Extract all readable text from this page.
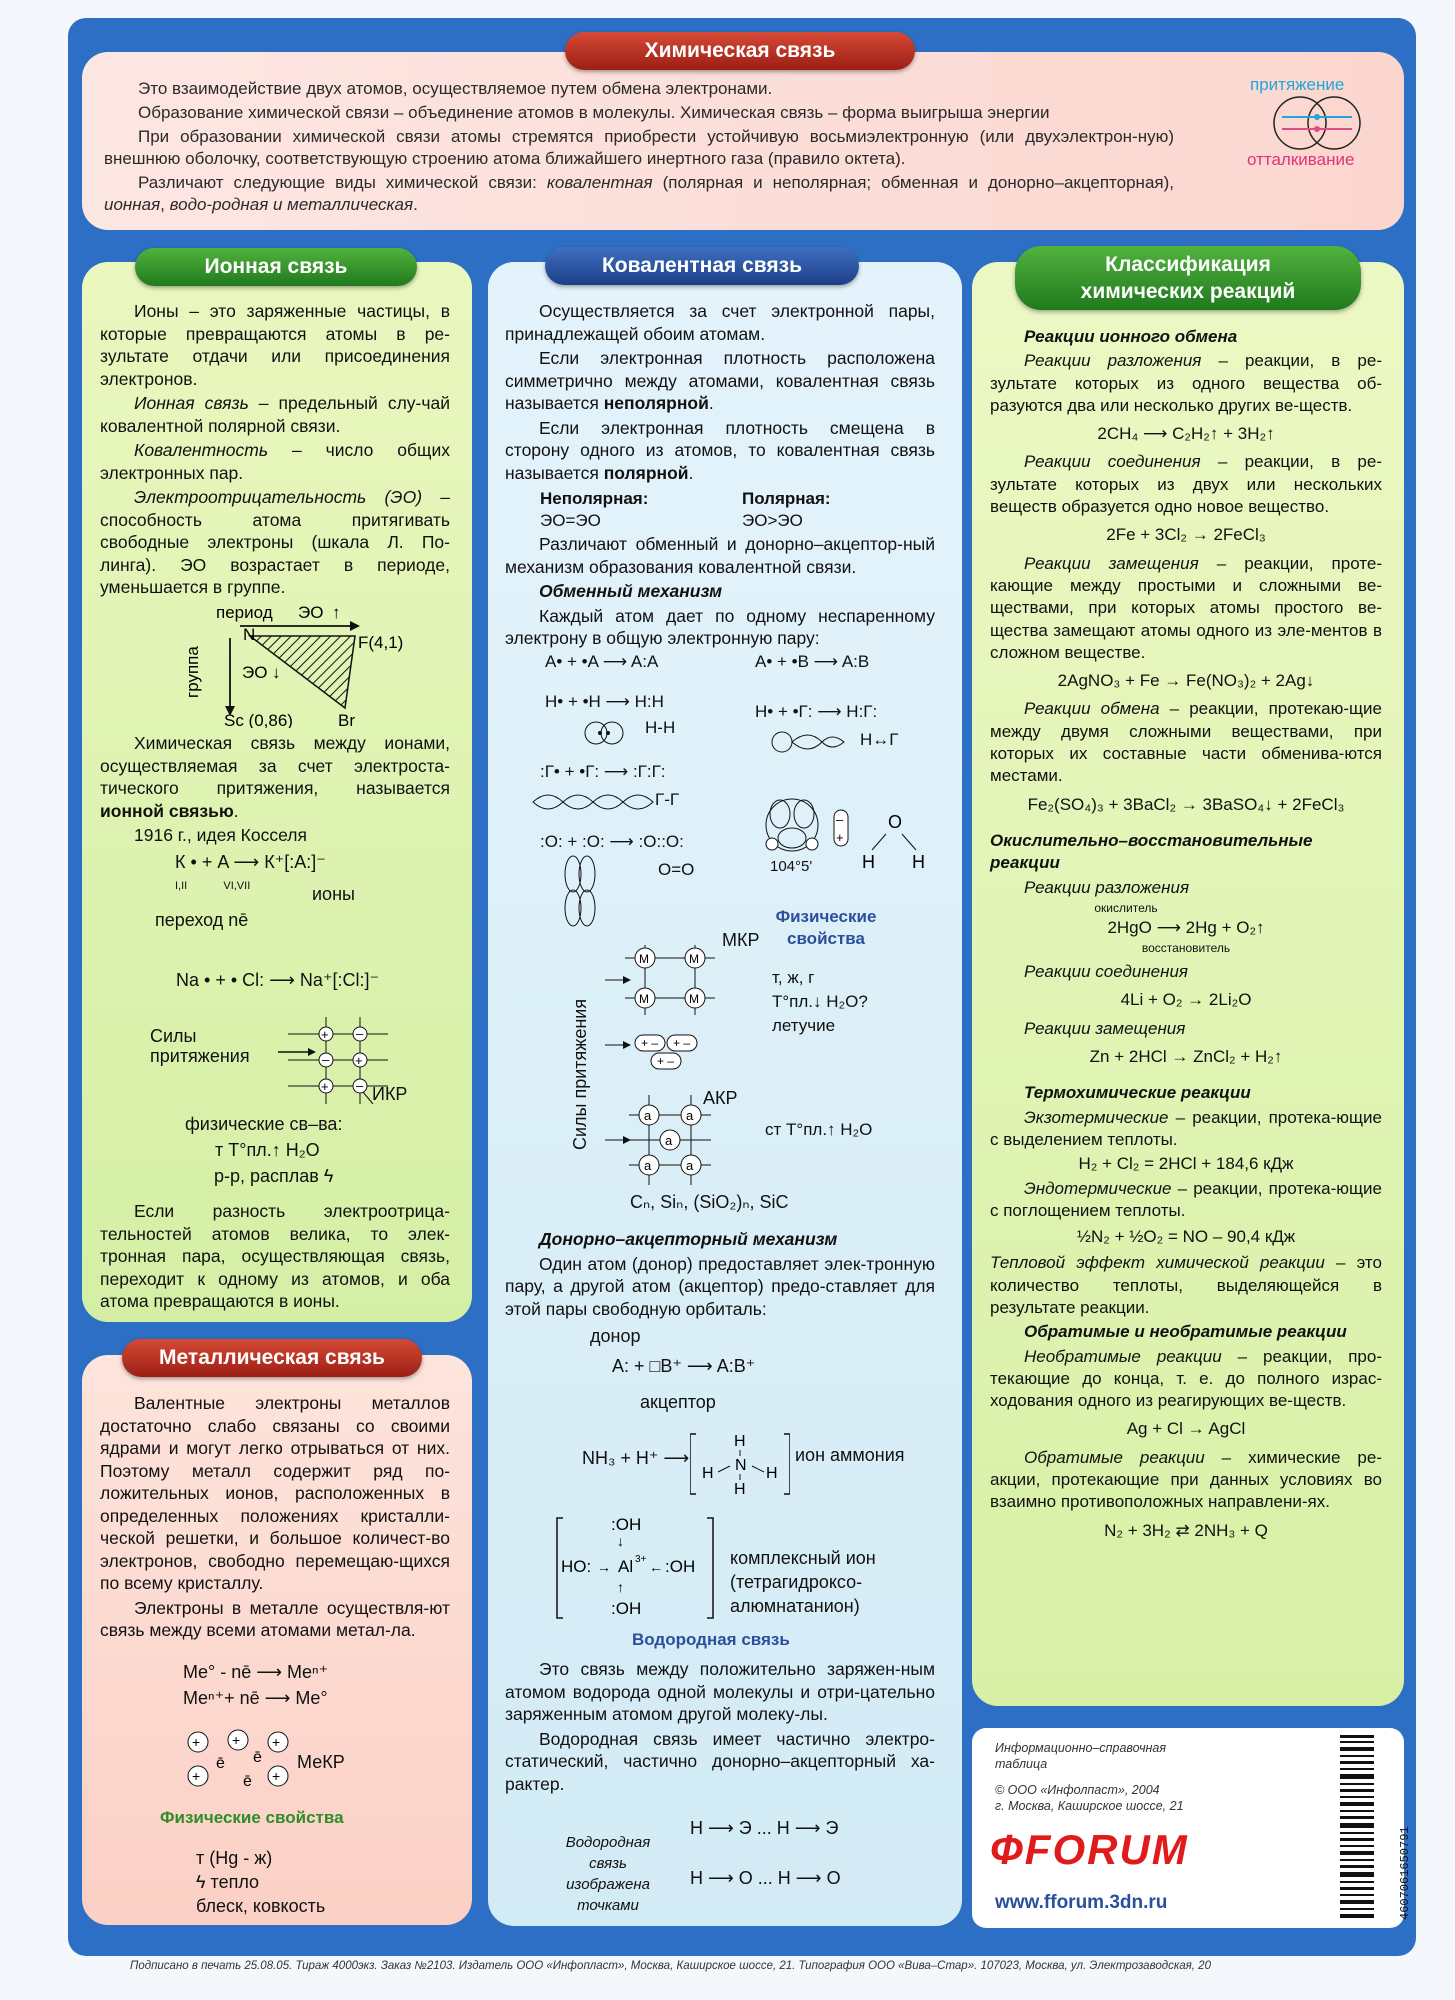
Химическая связь

Это взаимодействие двух атомов, осуществляемое путем обмена электронами.

Образование химической связи – объединение атомов в молекулы. Химическая связь – форма выигрыша энергии

При образовании химической связи атомы стремятся приобрести устойчивую восьмиэлектронную (или двухэлектрон-ную) внешнюю оболочку, соответствующую строению атома ближайшего инертного газа (правило октета).

Различают следующие виды химической связи: ковалентная (полярная и неполярная; обменная и донорно–акцепторная), ионная, водо-родная и металлическая.

притяжение
отталкивание
Ионная связь

Ионы – это заряженные частицы, в которые превращаются атомы в ре-зультате отдачи или присоединения электронов.

Ионная связь – предельный слу-чай ковалентной полярной связи.

Ковалентность – число общих электронных пар.

Электроотрицательность (ЭО) – способность атома притягивать свободные электроны (шкала Л. По-линга). ЭО возрастает в периоде, уменьшается в группе.

период ЭО ↑
N	F(4,1)
группа ЭО ↓
Sc (0,86)	Br

Химическая связь между ионами, осуществляемая за счет электроста-тического притяжения, называется ионной связью.

1916 г., идея Косселя

К • + A ⟶ К⁺[:A:]⁻
I,II	VI,VII	ионы
переход nē
Na • + • Cl: ⟶ Na⁺[:Cl:]⁻
Силы притяжения
+ –
– +
+ – ИКР
физические св–ва:
т Т°пл.↑ H₂O
р-р, расплав ϟ

Если разность электроотрица-тельностей атомов велика, то элек-тронная пара, осуществляющая связь, переходит к одному из атомов, и оба атома превращаются в ионы.

Металлическая связь

Валентные электроны металлов достаточно слабо связаны со своими ядрами и могут легко отрываться от них. Поэтому металл содержит ряд по-ложительных ионов, расположенных в определенных положениях кристалли-ческой решетки, и большое количест-во электронов, свободно перемещаю-щихся по всему кристаллу.

Электроны в металле осуществля-ют связь между всеми атомами метал-ла.

Me° - nē ⟶ Meⁿ⁺
Meⁿ⁺+ nē ⟶ Me°
+ + +
+	+
ē ē
ē
МеКР
Физические свойства
т (Hg - ж)
ϟ тепло
блеск, ковкость
Ковалентная связь

Осуществляется за счет электронной пары, принадлежащей обоим атомам.

Если электронная плотность расположена симметрично между атомами, ковалентная связь называется неполярной.

Если электронная плотность смещена в сторону одного из атомов, то ковалентная связь называется полярной.

Неполярная:
ЭО=ЭО
Полярная:
ЭО>ЭО

Различают обменный и донорно–акцептор-ный механизм образования ковалентной связи.

Обменный механизм

Каждый атом дает по одному неспаренному электрону в общую электронную пару:

A• + •A ⟶ A:A	A• + •B ⟶ A:B
H• + •H ⟶ H:H
H-H
H• + •Г: ⟶ H:Г:
H↔Г
:Г• + •Г: ⟶ :Г:Г:
Г-Г
:O: + :O: ⟶ :O::O:
O=O
–
+
O
H H
104°5'
Силы притяжения
M	M
M	M
+ – + –
+ –
МКР
Физические свойства
т, ж, г
Т°пл.↓ H₂O?
летучие
a	a
a
a	a
АКР
ст Т°пл.↑ H₂O
Cₙ, Siₙ, (SiO₂)ₙ, SiC

Донорно–акцепторный механизм

Один атом (донор) предоставляет элек-тронную пару, а другой атом (акцептор) предо-ставляет для этой пары свободную орбиталь:

донор
A: + □B⁺ ⟶ A:B⁺
акцептор
NH₃ + H⁺ ⟶
H
N
H
H	H
ион аммония
:OH
↓
HO: → Al 3+ ← :OH
↑
:OH
комплексный ион (тетрагидроксо-алюмнатанион)
Водородная связь

Это связь между положительно заряжен-ным атомом водорода одной молекулы и отри-цательно заряженным атомом другой молеку-лы.

Водородная связь имеет частично электро-статический, частично донорно–акцепторный ха-рактер.

Водородная связь изображена точками
H ⟶ Э ... H ⟶ Э
H ⟶ O ... H ⟶ O
Классификация
химических реакций

Реакции ионного обмена

Реакции разложения – реакции, в ре-зультате которых из одного вещества об-разуются два или несколько других ве-ществ.

2CH₄ ⟶ C₂H₂↑ + 3H₂↑

Реакции соединения – реакции, в ре-зультате которых из двух или нескольких веществ образуется одно новое вещество.

2Fe + 3Cl₂ → 2FeCl₃

Реакции замещения – реакции, проте-кающие между простыми и сложными ве-ществами, при которых атомы простого ве-щества замещают атомы одного из эле-ментов в сложном веществе.

2AgNO₃ + Fe → Fe(NO₃)₂ + 2Ag↓

Реакции обмена – реакции, протекаю-щие между двумя сложными веществами, при которых их составные части обменива-ются местами.

Fe₂(SO₄)₃ + 3BaCl₂ → 3BaSO₄↓ + 2FeCl₃

Окислительно–восстановительные реакции

Реакции разложения

окислитель

2HgO ⟶ 2Hg + O₂↑

восстановитель

Реакции соединения

4Li + O₂ → 2Li₂O

Реакции замещения

Zn + 2HCl → ZnCl₂ + H₂↑

Термохимические реакции

Экзотермические – реакции, протека-ющие с выделением теплоты.

H₂ + Cl₂ = 2HCl + 184,6 кДж

Эндотермические – реакции, протека-ющие с поглощением теплоты.

½N₂ + ½O₂ = NO – 90,4 кДж

Тепловой эффект химической реакции – это количество теплоты, выделяющейся в результате реакции.

Обратимые и необратимые реакции

Необратимые реакции – реакции, про-текающие до конца, т. е. до полного израс-ходования одного из реагирующих ве-ществ.

Ag + Cl → AgCl

Обратимые реакции – химические ре-акции, протекающие при данных условиях во взаимно противоположных направлени-ях.

N₂ + 3H₂ ⇄ 2NH₃ + Q

Информационно–справочная
таблица
© ООО «Инфолпаст», 2004
г. Москва, Каширское шоссе, 21
ФFORUM
www.fforum.3dn.ru	4607061650791
Подписано в печать 25.08.05. Тираж 4000экз. Заказ №2103. Издатель ООО «Инфопласт», Москва, Каширское шоссе, 21. Типография ООО «Вива–Стар». 107023, Москва, ул. Электрозаводская, 20
